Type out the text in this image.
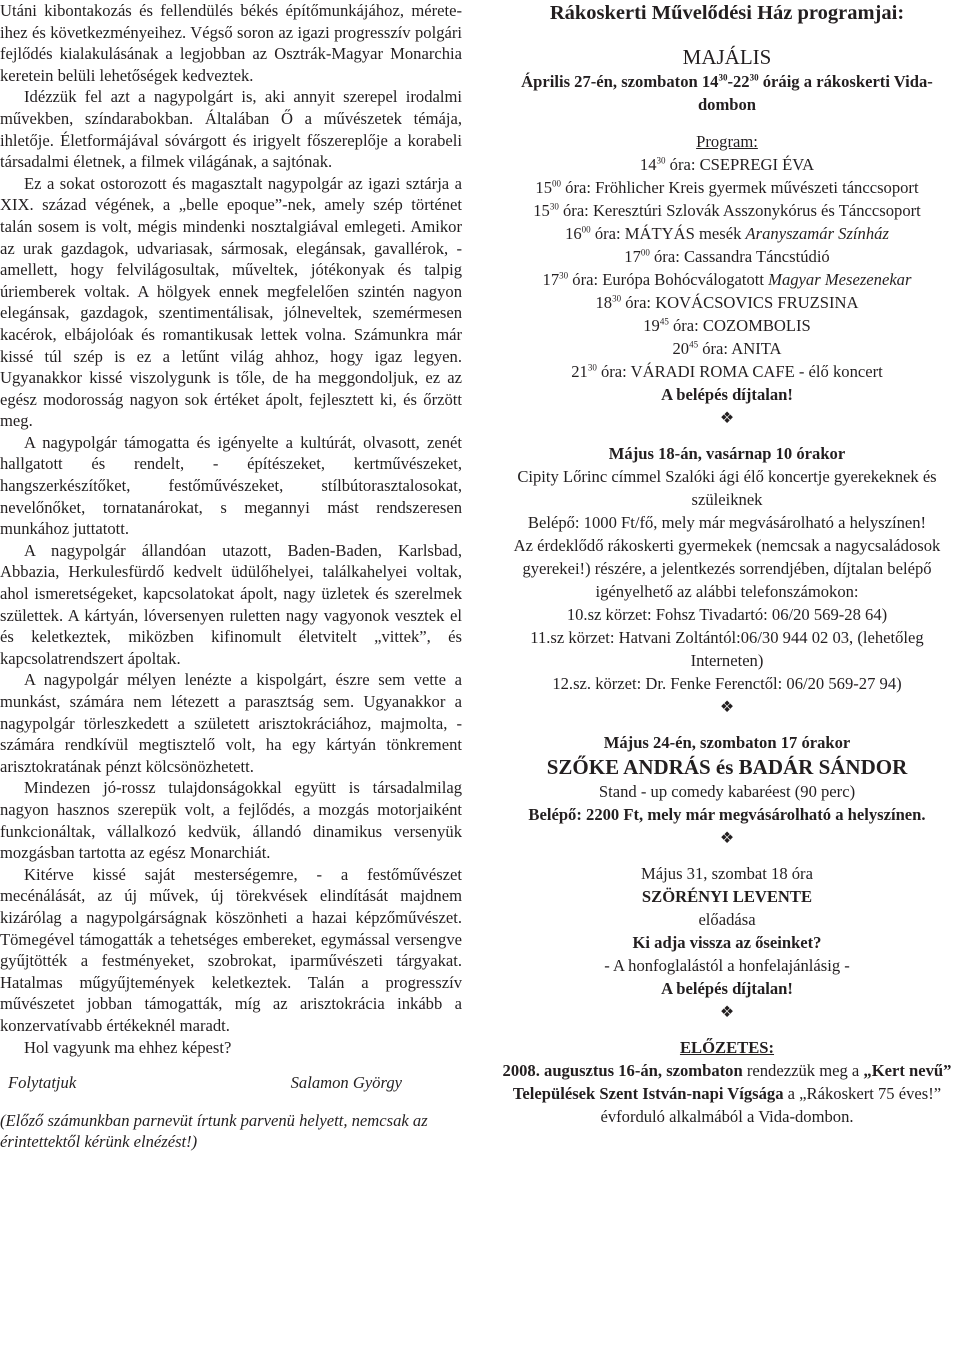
Utáni kibontakozás és fellendülés békés építőmunkájához, méreteihez és következményeihez. Végső soron az igazi progresszív polgári fejlődés kialakulásának a legjobban az Osztrák-Magyar Monarchia keretein belüli lehetőségek kedveztek.

Idézzük fel azt a nagypolgárt is, aki annyit szerepel irodalmi művekben, színdarabokban. Általában Ő a művészetek témája, ihletője. Életformájával sóvárgott és irigyelt főszereplője a korabeli társadalmi életnek, a filmek világának, a sajtónak.

Ez a sokat ostorozott és magasztalt nagypolgár az igazi sztárja a XIX. század végének, a „belle epoque”-nek, amely szép történet talán sosem is volt, mégis mindenki nosztalgiával emlegeti. Amikor az urak gazdagok, udvariasak, sármosak, elegánsak, gavallérok, - amellett, hogy felvilágosultak, műveltek, jótékonyak és talpig úriemberek voltak. A hölgyek ennek megfelelően szintén nagyon elegánsak, gazdagok, szentimentálisak, jólneveltek, szemérmesen kacérok, elbájolóak és romantikusak lettek volna. Számunkra már kissé túl szép is ez a letűnt világ ahhoz, hogy igaz legyen. Ugyanakkor kissé viszolygunk is tőle, de ha meggondoljuk, ez az egész modorosság nagyon sok értéket ápolt, fejlesztett ki, és őrzött meg.

A nagypolgár támogatta és igényelte a kultúrát, olvasott, zenét hallgatott és rendelt, - építészeket, kertművészeket, hangszerkészítőket, festőművészeket, stílbútorasztalosokat, nevelőnőket, tornatanárokat, s megannyi mást rendszeresen munkához juttatott.

A nagypolgár állandóan utazott, Baden-Baden, Karlsbad, Abbazia, Herkulesfürdő kedvelt üdülőhelyei, találkahelyei voltak, ahol ismeretségeket, kapcsolatokat ápolt, nagy üzletek és szerelmek születtek. A kártyán, lóversenyen ruletten nagy vagyonok vesztek el és keletkeztek, miközben kifinomult életvitelt „vittek”, és kapcsolatrendszert ápoltak.

A nagypolgár mélyen lenézte a kispolgárt, észre sem vette a munkást, számára nem létezett a parasztság sem. Ugyanakkor a nagypolgár törleszkedett a született arisztokráciához, majmolta, - számára rendkívül megtisztelő volt, ha egy kártyán tönkrement arisztokratának pénzt kölcsönözhetett.

Mindezen jó-rossz tulajdonságokkal együtt is társadalmilag nagyon hasznos szerepük volt, a fejlődés, a mozgás motorjaiként funkcionáltak, vállalkozó kedvük, állandó dinamikus versenyük mozgásban tartotta az egész Monarchiát.

Kitérve kissé saját mesterségemre, - a festőművészet mecénálását, az új művek, új törekvések elindítását majdnem kizárólag a nagypolgárságnak köszönheti a hazai képzőművészet. Tömegével támogatták a tehetséges embereket, egymással versengve gyűjtötték a festményeket, szobrokat, iparművészeti tárgyakat. Hatalmas műgyűjtemények keletkeztek. Talán a progresszív művészetet jobban támogatták, míg az arisztokrácia inkább a konzervatívabb értékeknél maradt.

Hol vagyunk ma ehhez képest?

Folytatjuk	Salamon György
(Előző számunkban parnevüt írtunk parvenü helyett, nemcsak az érintettektől kérünk elnézést!)
Rákoskerti Művelődési Ház programjai:
MAJÁLIS
Április 27-én, szombaton $14^{30}-22^{30}$ óráig a rákoskerti Vida-dombon
Program:
$14^{30}$ óra: CSEPREGI ÉVA
$15^{00}$ óra: Fröhlicher Kreis gyermek művészeti tánccsoport
$15^{30}$ óra: Keresztúri Szlovák Asszonykórus és Tánccsoport
$16^{00}$ óra: MÁTYÁS mesék Aranyszamár Színház
$17^{00}$ óra: Cassandra Táncstúdió
$17^{30}$ óra: Európa Bohócválogatott Magyar Mesezenekar
$18^{30}$ óra: KOVÁCSOVICS FRUZSINA
$19^{45}$ óra: COZOMBOLIS
$20^{45}$ óra: ANITA
$21^{30}$ óra: VÁRADI ROMA CAFE - élő koncert
A belépés díjtalan!
❖
Május 18-án, vasárnap 10 órakor
Cipity Lőrinc címmel Szalóki ági élő koncertje gyerekeknek és szüleiknek
Belépő: 1000 Ft/fő, mely már megvásárolható a helyszínen!
Az érdeklődő rákoskerti gyermekek (nemcsak a nagycsaládosok gyerekei!) részére, a jelentkezés sorrendjében, díjtalan belépő igényelhető az alábbi telefonszámokon:
10.sz körzet: Fohsz Tivadartó: 06/20 569-28 64)
11.sz körzet: Hatvani Zoltántól:06/30 944 02 03, (lehetőleg Interneten)
12.sz. körzet: Dr. Fenke Ferenctől: 06/20 569-27 94)
❖
Május 24-én, szombaton 17 órakor
SZŐKE ANDRÁS és BADÁR SÁNDOR
Stand - up comedy kabaréest (90 perc)
Belépő: 2200 Ft, mely már megvásárolható a helyszínen.
❖
Május 31, szombat 18 óra
SZÖRÉNYI LEVENTE
előadása
Ki adja vissza az őseinket?
- A honfoglalástól a honfelajánlásig -
A belépés díjtalan!
❖
ELŐZETES:
2008. augusztus 16-án, szombaton rendezzük meg a „Kert nevű” Települések Szent István-napi Vígsága a „Rákoskert 75 éves!” évforduló alkalmából a Vida-dombon.
